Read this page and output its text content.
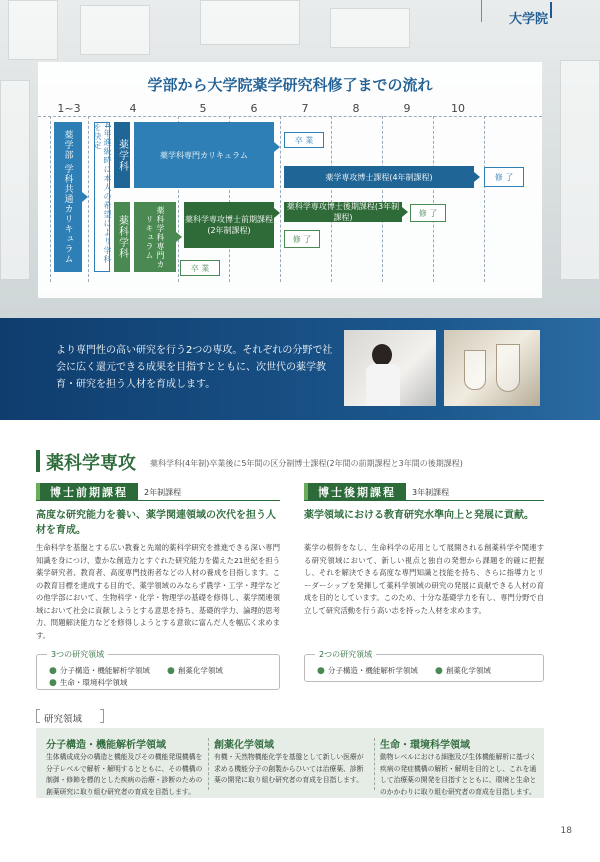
大学院
学部から大学院薬学研究科修了までの流れ
1~3	4	5	6	7	8	9	10
薬学部 学科共通カリキュラム	4年進級時に本人の希望により学科を決定
薬学科	薬学科専門カリキュラム
卒 業
薬学専攻博士課程(4年制課程)	修 了
薬科学科	薬科学科専門カリキュラム	薬科学専攻博士前期課程(2年制課程)
薬科学専攻博士後期課程(3年制課程)	修 了
修 了
卒 業
より専門性の高い研究を行う2つの専攻。それぞれの分野で社会に広く還元できる成果を目指すとともに、次世代の薬学教育・研究を担う人材を育成します。
薬科学専攻 薬科学科(4年制)卒業後に5年間の区分制博士課程(2年間の前期課程と3年間の後期課程)
博士前期課程	2年制課程
高度な研究能力を養い、薬学関連領域の次代を担う人材を育成。
生命科学を基盤とする広い教養と先端的薬科学研究を推進できる深い専門知識を身につけ、豊かな創造力とすぐれた研究能力を備えた21世紀を担う薬学研究者、教育者、高度専門技術者などの人材の養成を目指します。この教育目標を達成する目的で、薬学領域のみならず農学・工学・理学などの他学部において、生物科学・化学・物理学の基礎を修得し、薬学関連領域において社会に貢献しようとする意思を持ち、基礎的学力、論理的思考力、問題解決能力などを修得しようとする意欲に富んだ人を幅広く求めます。
3つの研究領域
● 分子構造・機能解析学領域 ● 創薬化学領域
● 生命・環境科学領域
博士後期課程	3年制課程
薬学領域における教育研究水準向上と発展に貢献。
薬学の根幹をなし、生命科学の応用として展開される創薬科学や関連する研究領域において、新しい視点と独自の発想から課題を的確に把握し、それを解決できる高度な専門知識と技能を持ち、さらに指導力とリーダーシップを発揮して薬科学領域の研究の発展に貢献できる人材の育成を目的としています。このため、十分な基礎学力を有し、専門分野で自立して研究活動を行う高い志を持った人材を求めます。
2つの研究領域
● 分子構造・機能解析学領域 ● 創薬化学領域
研究領域
分子構造・機能解析学領域
生体構成成分の構造と機能及びその機能発現機構を分子レベルで解析・解明するとともに、その機構の制御・修飾を標的とした疾病の治療・診断のための創薬研究に取り組む研究者の育成を目指します。
創薬化学領域
有機・天然物機能化学を基盤として新しい医療が求める機能分子の創製からひいては治療薬、診断薬の開発に取り組む研究者の育成を目指します。
生命・環境科学領域
動物レベルにおける細胞及び生体機能解析に基づく疾病の発症機構の解析・解明を目的とし、これを通して治療薬の開発を目指すとともに、環境と生命とのかかわりに取り組む研究者の育成を目指します。
18
